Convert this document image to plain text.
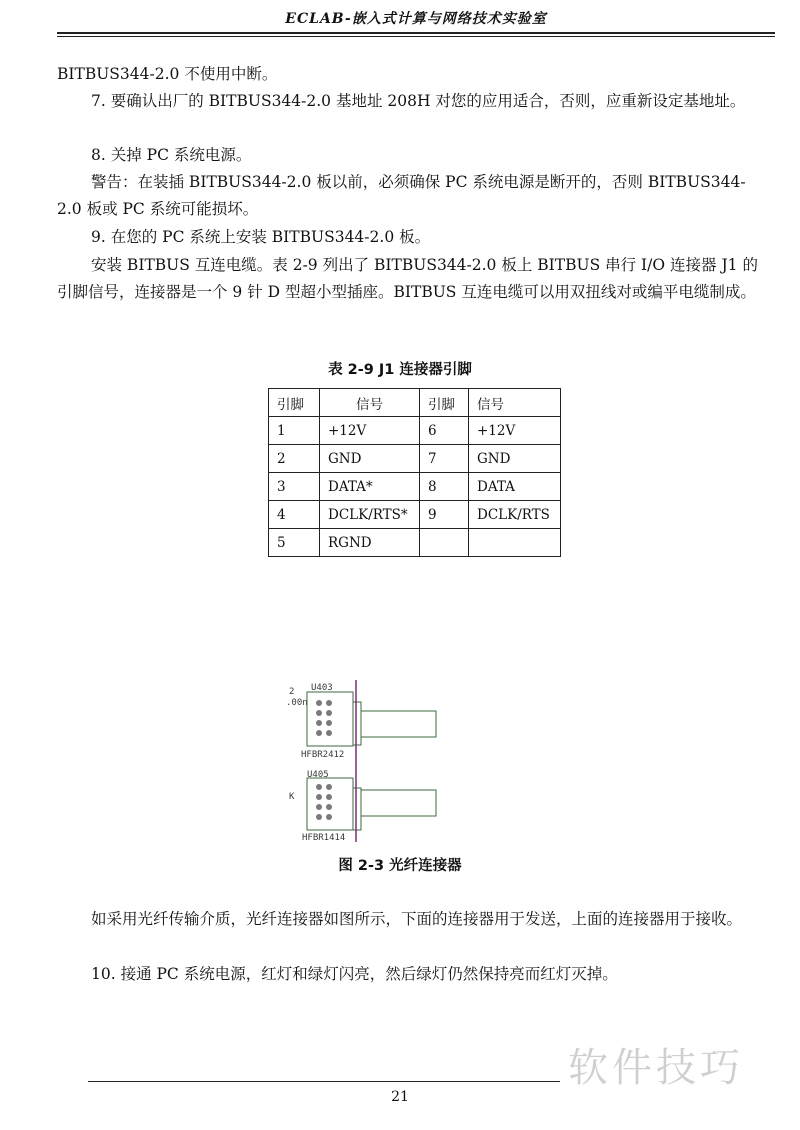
ECLAB-嵌入式计算与网络技术实验室

BITBUS344-2.0 不使用中断。

7. 要确认出厂的 BITBUS344-2.0 基地址 208H 对您的应用适合，否则，应重新设定基地址。

8. 关掉 PC 系统电源。

警告：在装插 BITBUS344-2.0 板以前，必须确保 PC 系统电源是断开的，否则 BITBUS344-2.0 板或 PC 系统可能损坏。

9. 在您的 PC 系统上安装 BITBUS344-2.0 板。

安装 BITBUS 互连电缆。表 2-9 列出了 BITBUS344-2.0 板上 BITBUS 串行 I/O 连接器 J1 的引脚信号，连接器是一个 9 针 D 型超小型插座。BITBUS 互连电缆可以用双扭线对或编平电缆制成。

表 2-9 J1 连接器引脚
引脚	信号	引脚	信号
1	+12V	6	+12V
2	GND	7	GND
3	DATA*	8	DATA
4	DCLK/RTS*	9	DCLK/RTS
5	RGND		
2
.00n
U403
HFBR2412
U405
K
HFBR1414
图 2-3 光纤连接器

如采用光纤传输介质，光纤连接器如图所示，下面的连接器用于发送，上面的连接器用于接收。

10. 接通 PC 系统电源，红灯和绿灯闪亮，然后绿灯仍然保持亮而红灯灭掉。

软件技巧
21
